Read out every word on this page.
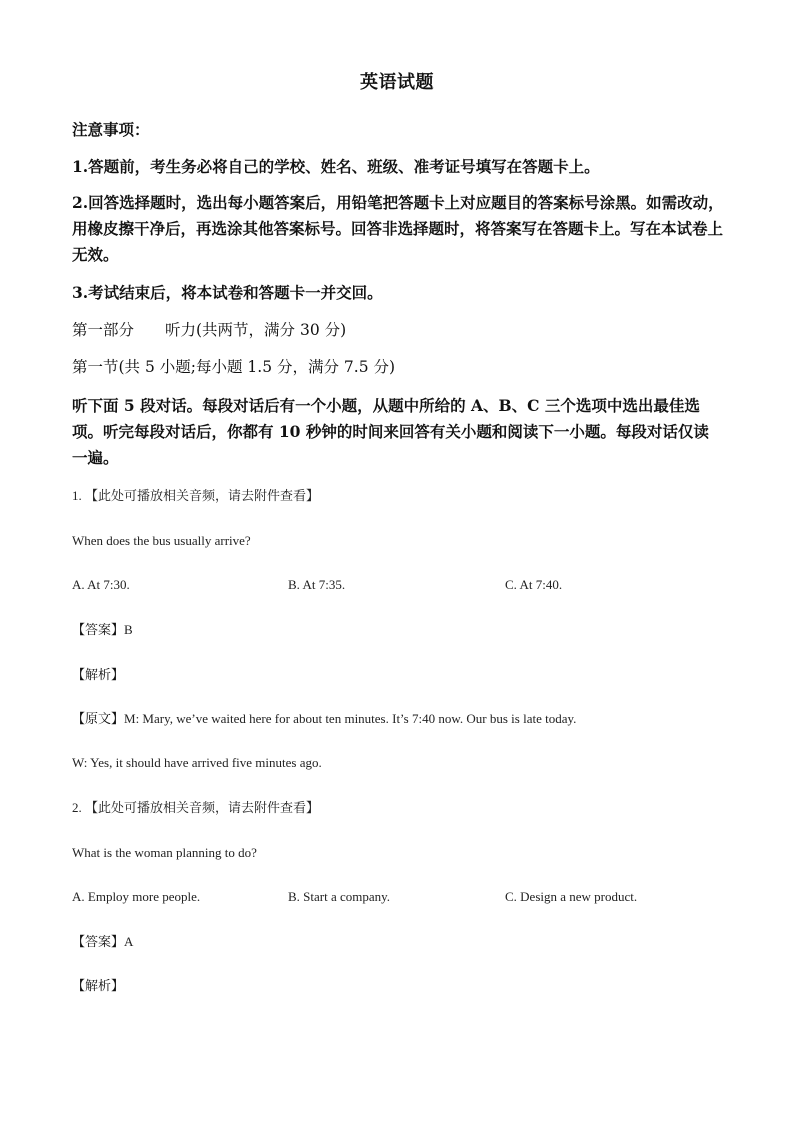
英语试题

注意事项：

1.答题前，考生务必将自己的学校、姓名、班级、准考证号填写在答题卡上。

2.回答选择题时，选出每小题答案后，用铅笔把答题卡上对应题目的答案标号涂黑。如需改动，用橡皮擦干净后，再选涂其他答案标号。回答非选择题时，将答案写在答题卡上。写在本试卷上无效。

3.考试结束后，将本试卷和答题卡一并交回。

第一部分　　听力(共两节，满分 30 分)

第一节(共 5 小题;每小题 1.5 分，满分 7.5 分)

听下面 5 段对话。每段对话后有一个小题，从题中所给的 A、B、C 三个选项中选出最佳选项。听完每段对话后，你都有 10 秒钟的时间来回答有关小题和阅读下一小题。每段对话仅读一遍。

1. 【此处可播放相关音频，请去附件查看】
When does the bus usually arrive?
A. At 7:30.	B. At 7:35.	C. At 7:40.
【答案】B
【解析】
【原文】M: Mary, we’ve waited here for about ten minutes. It’s 7:40 now. Our bus is late today.
W: Yes, it should have arrived five minutes ago.
2. 【此处可播放相关音频，请去附件查看】
What is the woman planning to do?
A. Employ more people.	B. Start a company.	C. Design a new product.
【答案】A
【解析】
